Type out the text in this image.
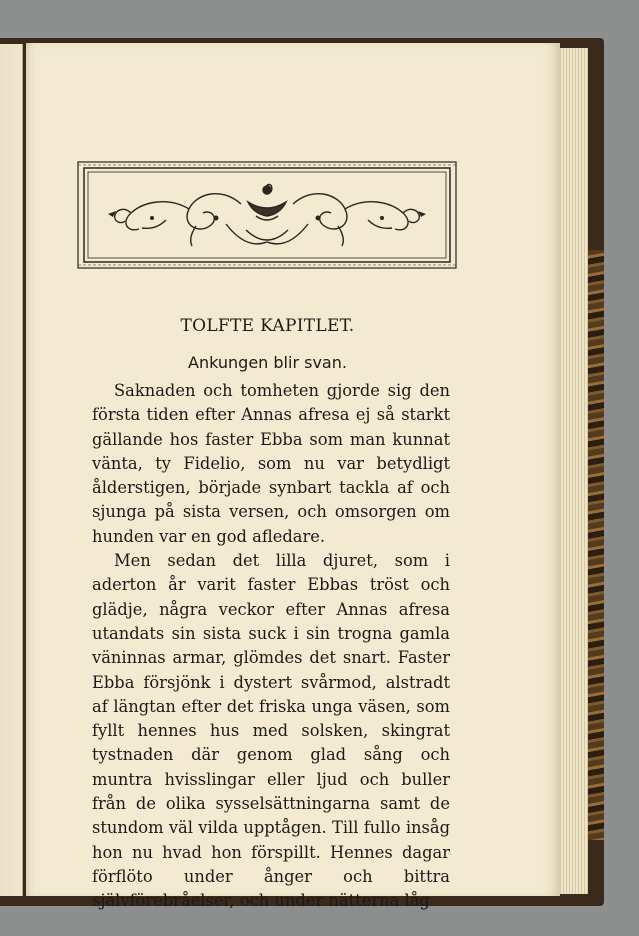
TOLFTE KAPITLET.
Ankungen blir svan.

Saknaden och tomheten gjorde sig den första tiden efter Annas afresa ej så starkt gällande hos faster Ebba som man kunnat vänta, ty Fidelio, som nu var betydligt ålderstigen, började synbart tackla af och sjunga på sista versen, och omsorgen om hunden var en god afledare.

Men sedan det lilla djuret, som i aderton år varit faster Ebbas tröst och glädje, några veckor efter Annas afresa utandats sin sista suck i sin trogna gamla väninnas armar, glömdes det snart. Faster Ebba försjönk i dystert svårmod, alstradt af längtan efter det friska unga väsen, som fyllt hennes hus med solsken, skingrat tystnaden där genom glad sång och muntra hvisslingar eller ljud och buller från de olika sysselsättningarna samt de stundom väl vilda upptågen. Till fullo insåg hon nu hvad hon förspillt. Hennes dagar förflöto under ånger och bittra självförebråelser, och under nätterna låg
